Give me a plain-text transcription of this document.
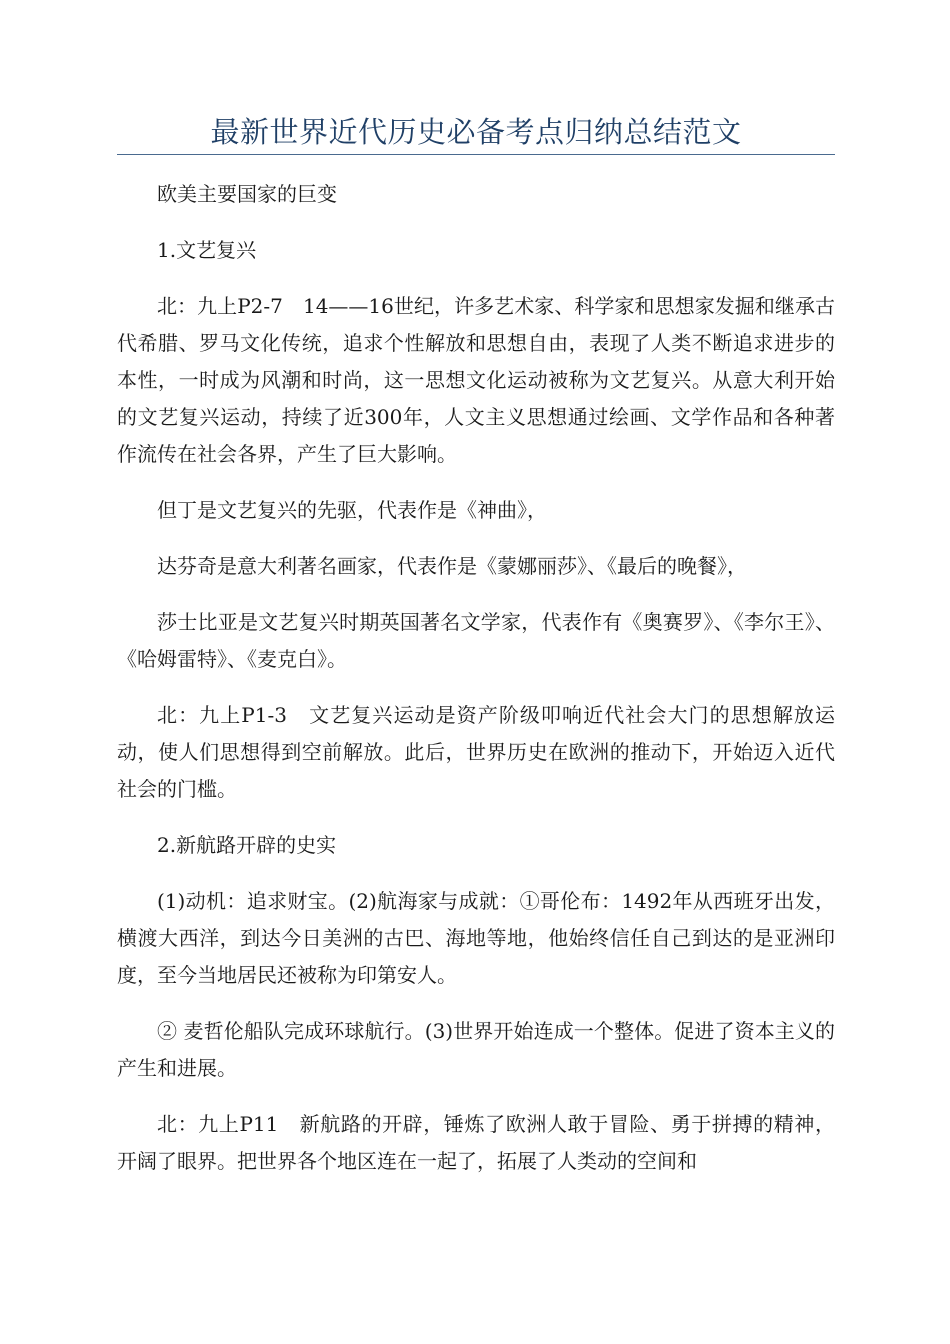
最新世界近代历史必备考点归纳总结范文

欧美主要国家的巨变

1.文艺复兴

北：九上P2-7　14——16世纪，许多艺术家、科学家和思想家发掘和继承古代希腊、罗马文化传统，追求个性解放和思想自由，表现了人类不断追求进步的本性，一时成为风潮和时尚，这一思想文化运动被称为文艺复兴。从意大利开始的文艺复兴运动，持续了近300年，人文主义思想通过绘画、文学作品和各种著作流传在社会各界，产生了巨大影响。

但丁是文艺复兴的先驱，代表作是《神曲》，

达芬奇是意大利著名画家，代表作是《蒙娜丽莎》、《最后的晚餐》，

莎士比亚是文艺复兴时期英国著名文学家，代表作有《奥赛罗》、《李尔王》、《哈姆雷特》、《麦克白》。

北：九上P1-3　文艺复兴运动是资产阶级叩响近代社会大门的思想解放运动，使人们思想得到空前解放。此后，世界历史在欧洲的推动下，开始迈入近代社会的门槛。

2.新航路开辟的史实

(1)动机：追求财宝。(2)航海家与成就：①哥伦布：1492年从西班牙出发，横渡大西洋，到达今日美洲的古巴、海地等地，他始终信任自己到达的是亚洲印度，至今当地居民还被称为印第安人。

② 麦哲伦船队完成环球航行。(3)世界开始连成一个整体。促进了资本主义的产生和进展。

北：九上P11　新航路的开辟，锤炼了欧洲人敢于冒险、勇于拼搏的精神，开阔了眼界。把世界各个地区连在一起了，拓展了人类动的空间和
